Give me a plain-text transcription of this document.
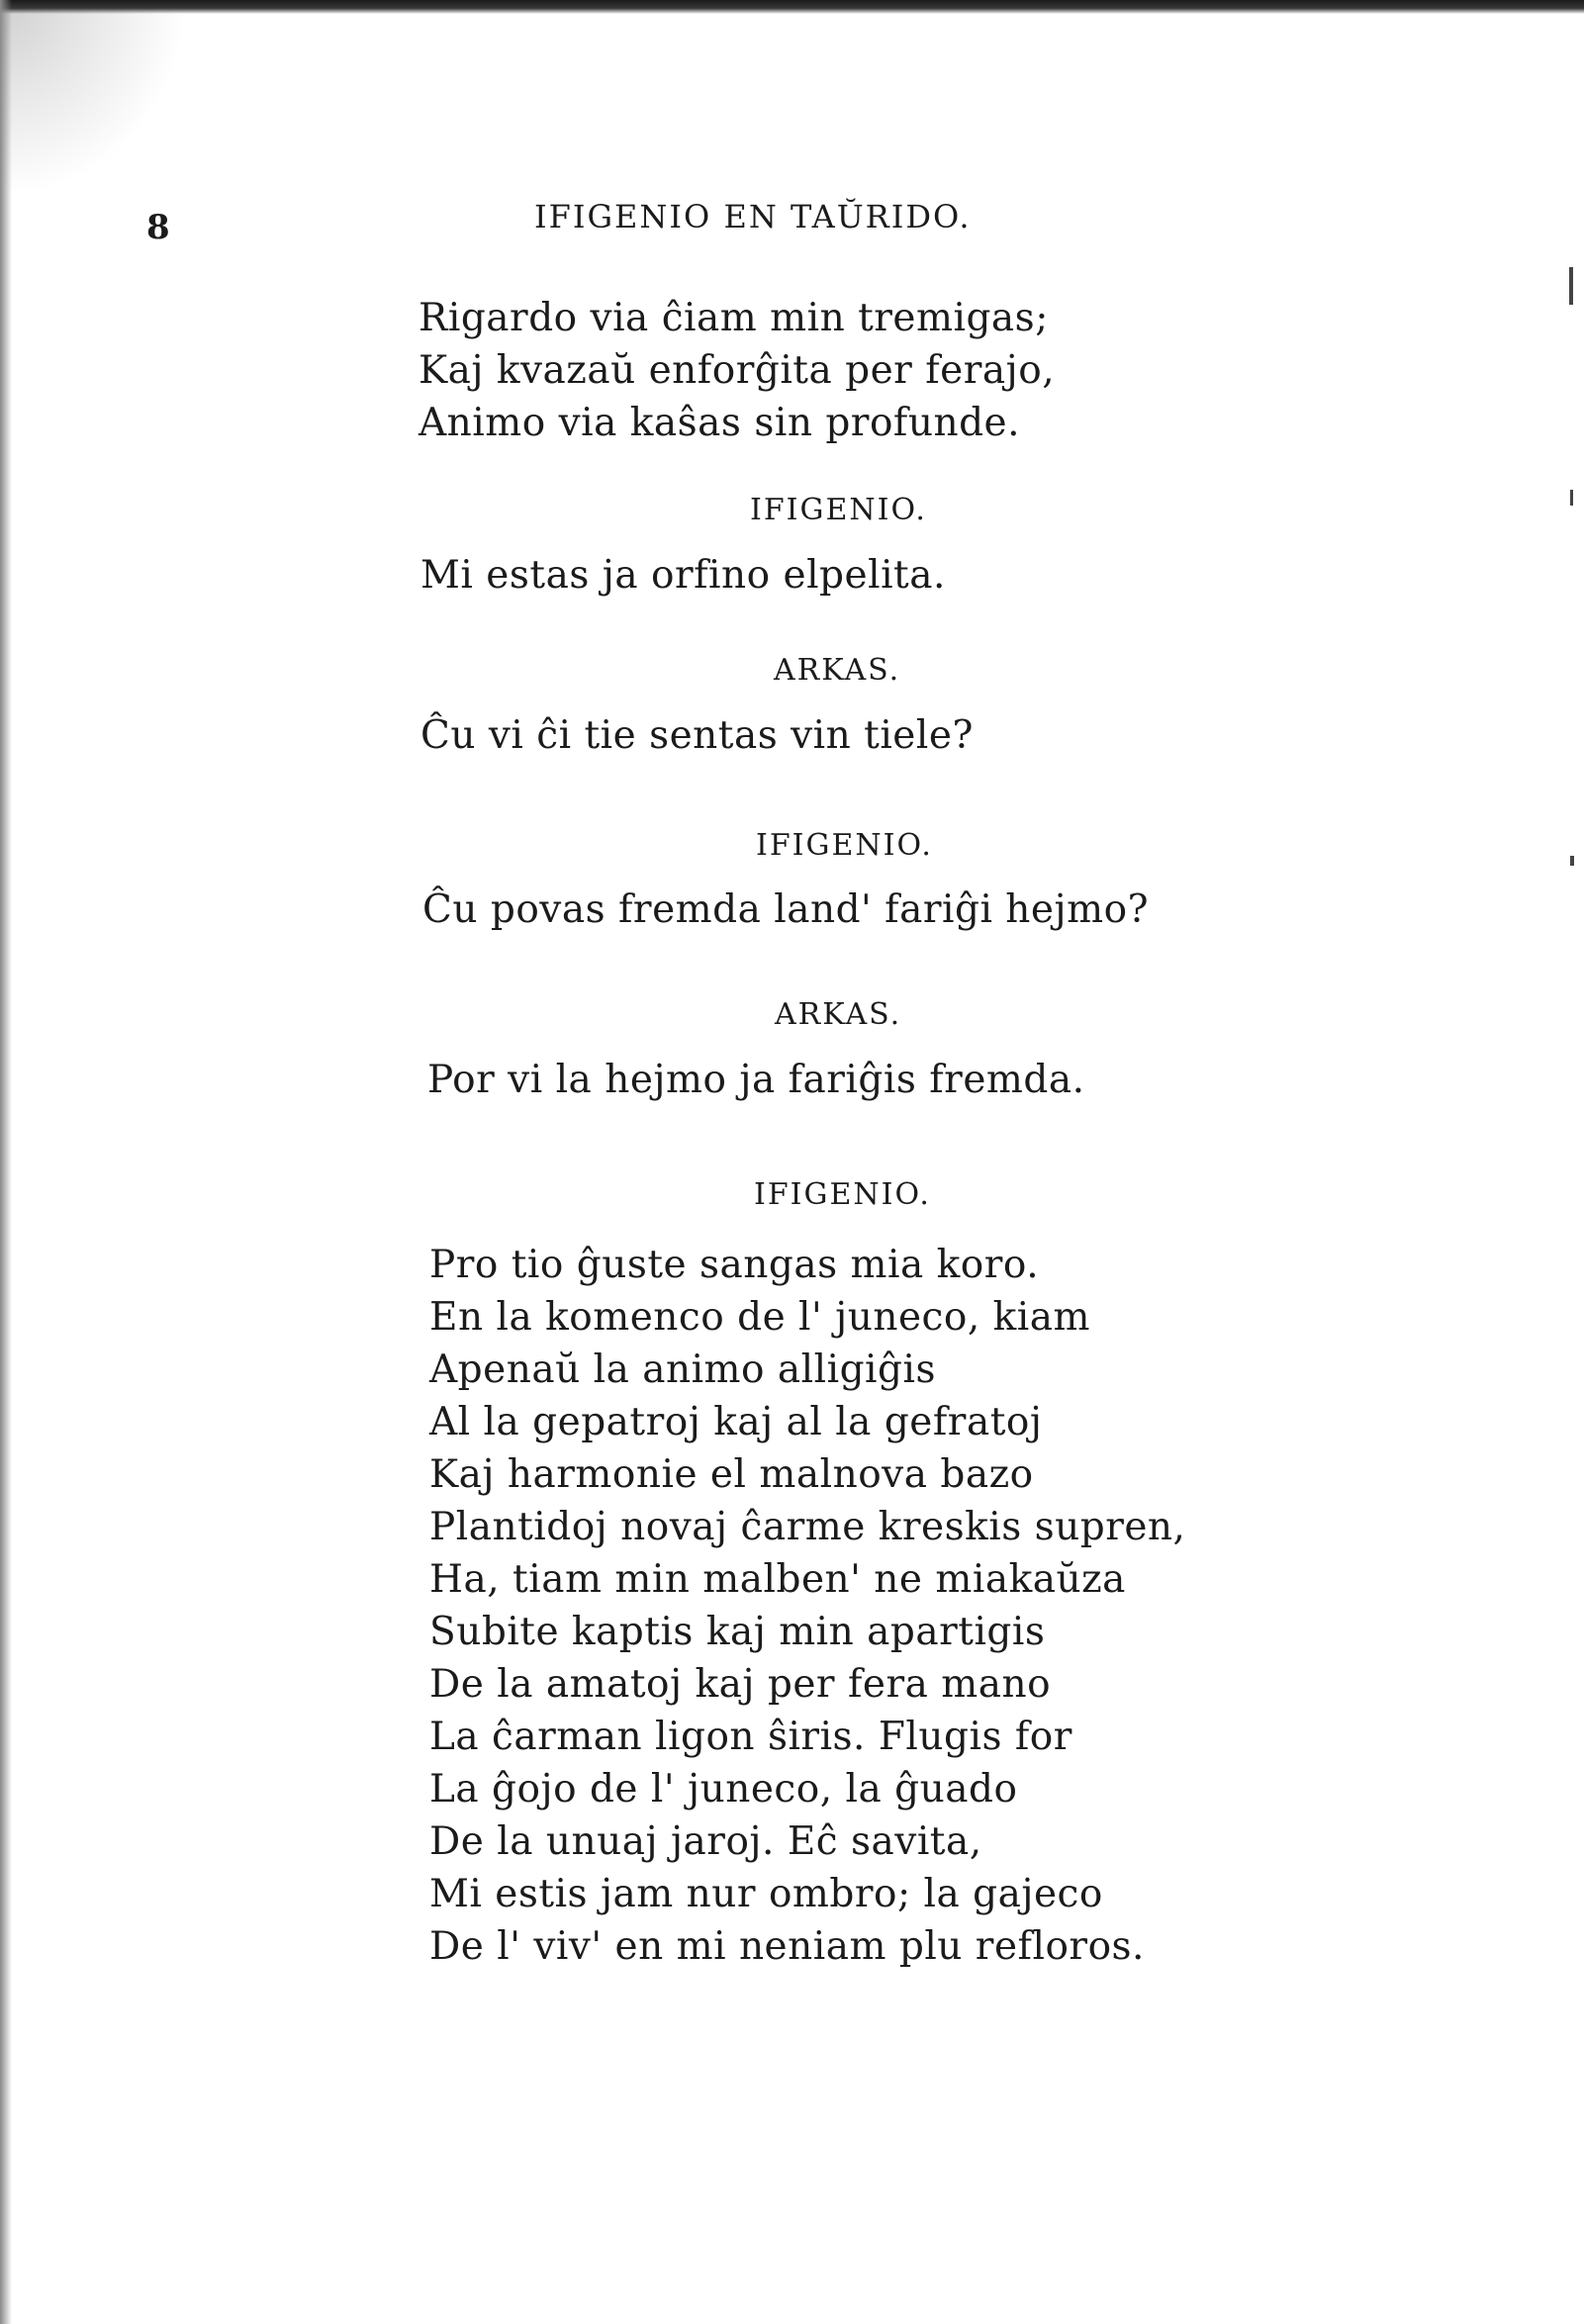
8	IFIGENIO EN TAŬRIDO.
Rigardo via ĉiam min tremigas;
Kaj kvazaŭ enforĝita per ferajo,
Animo via kaŝas sin profunde.
IFIGENIO.
Mi estas ja orfino elpelita.
ARKAS.
Ĉu vi ĉi tie sentas vin tiele?
IFIGENIO.
Ĉu povas fremda land' fariĝi hejmo?
ARKAS.
Por vi la hejmo ja fariĝis fremda.
IFIGENIO.
Pro tio ĝuste sangas mia koro.
En la komenco de l' juneco, kiam
Apenaŭ la animo alligiĝis
Al la gepatroj kaj al la gefratoj
Kaj harmonie el malnova bazo
Plantidoj novaj ĉarme kreskis supren,
Ha, tiam min malben' ne miakaŭza
Subite kaptis kaj min apartigis
De la amatoj kaj per fera mano
La ĉarman ligon ŝiris. Flugis for
La ĝojo de l' juneco, la ĝuado
De la unuaj jaroj. Eĉ savita,
Mi estis jam nur ombro; la gajeco
De l' viv' en mi neniam plu refloros.
